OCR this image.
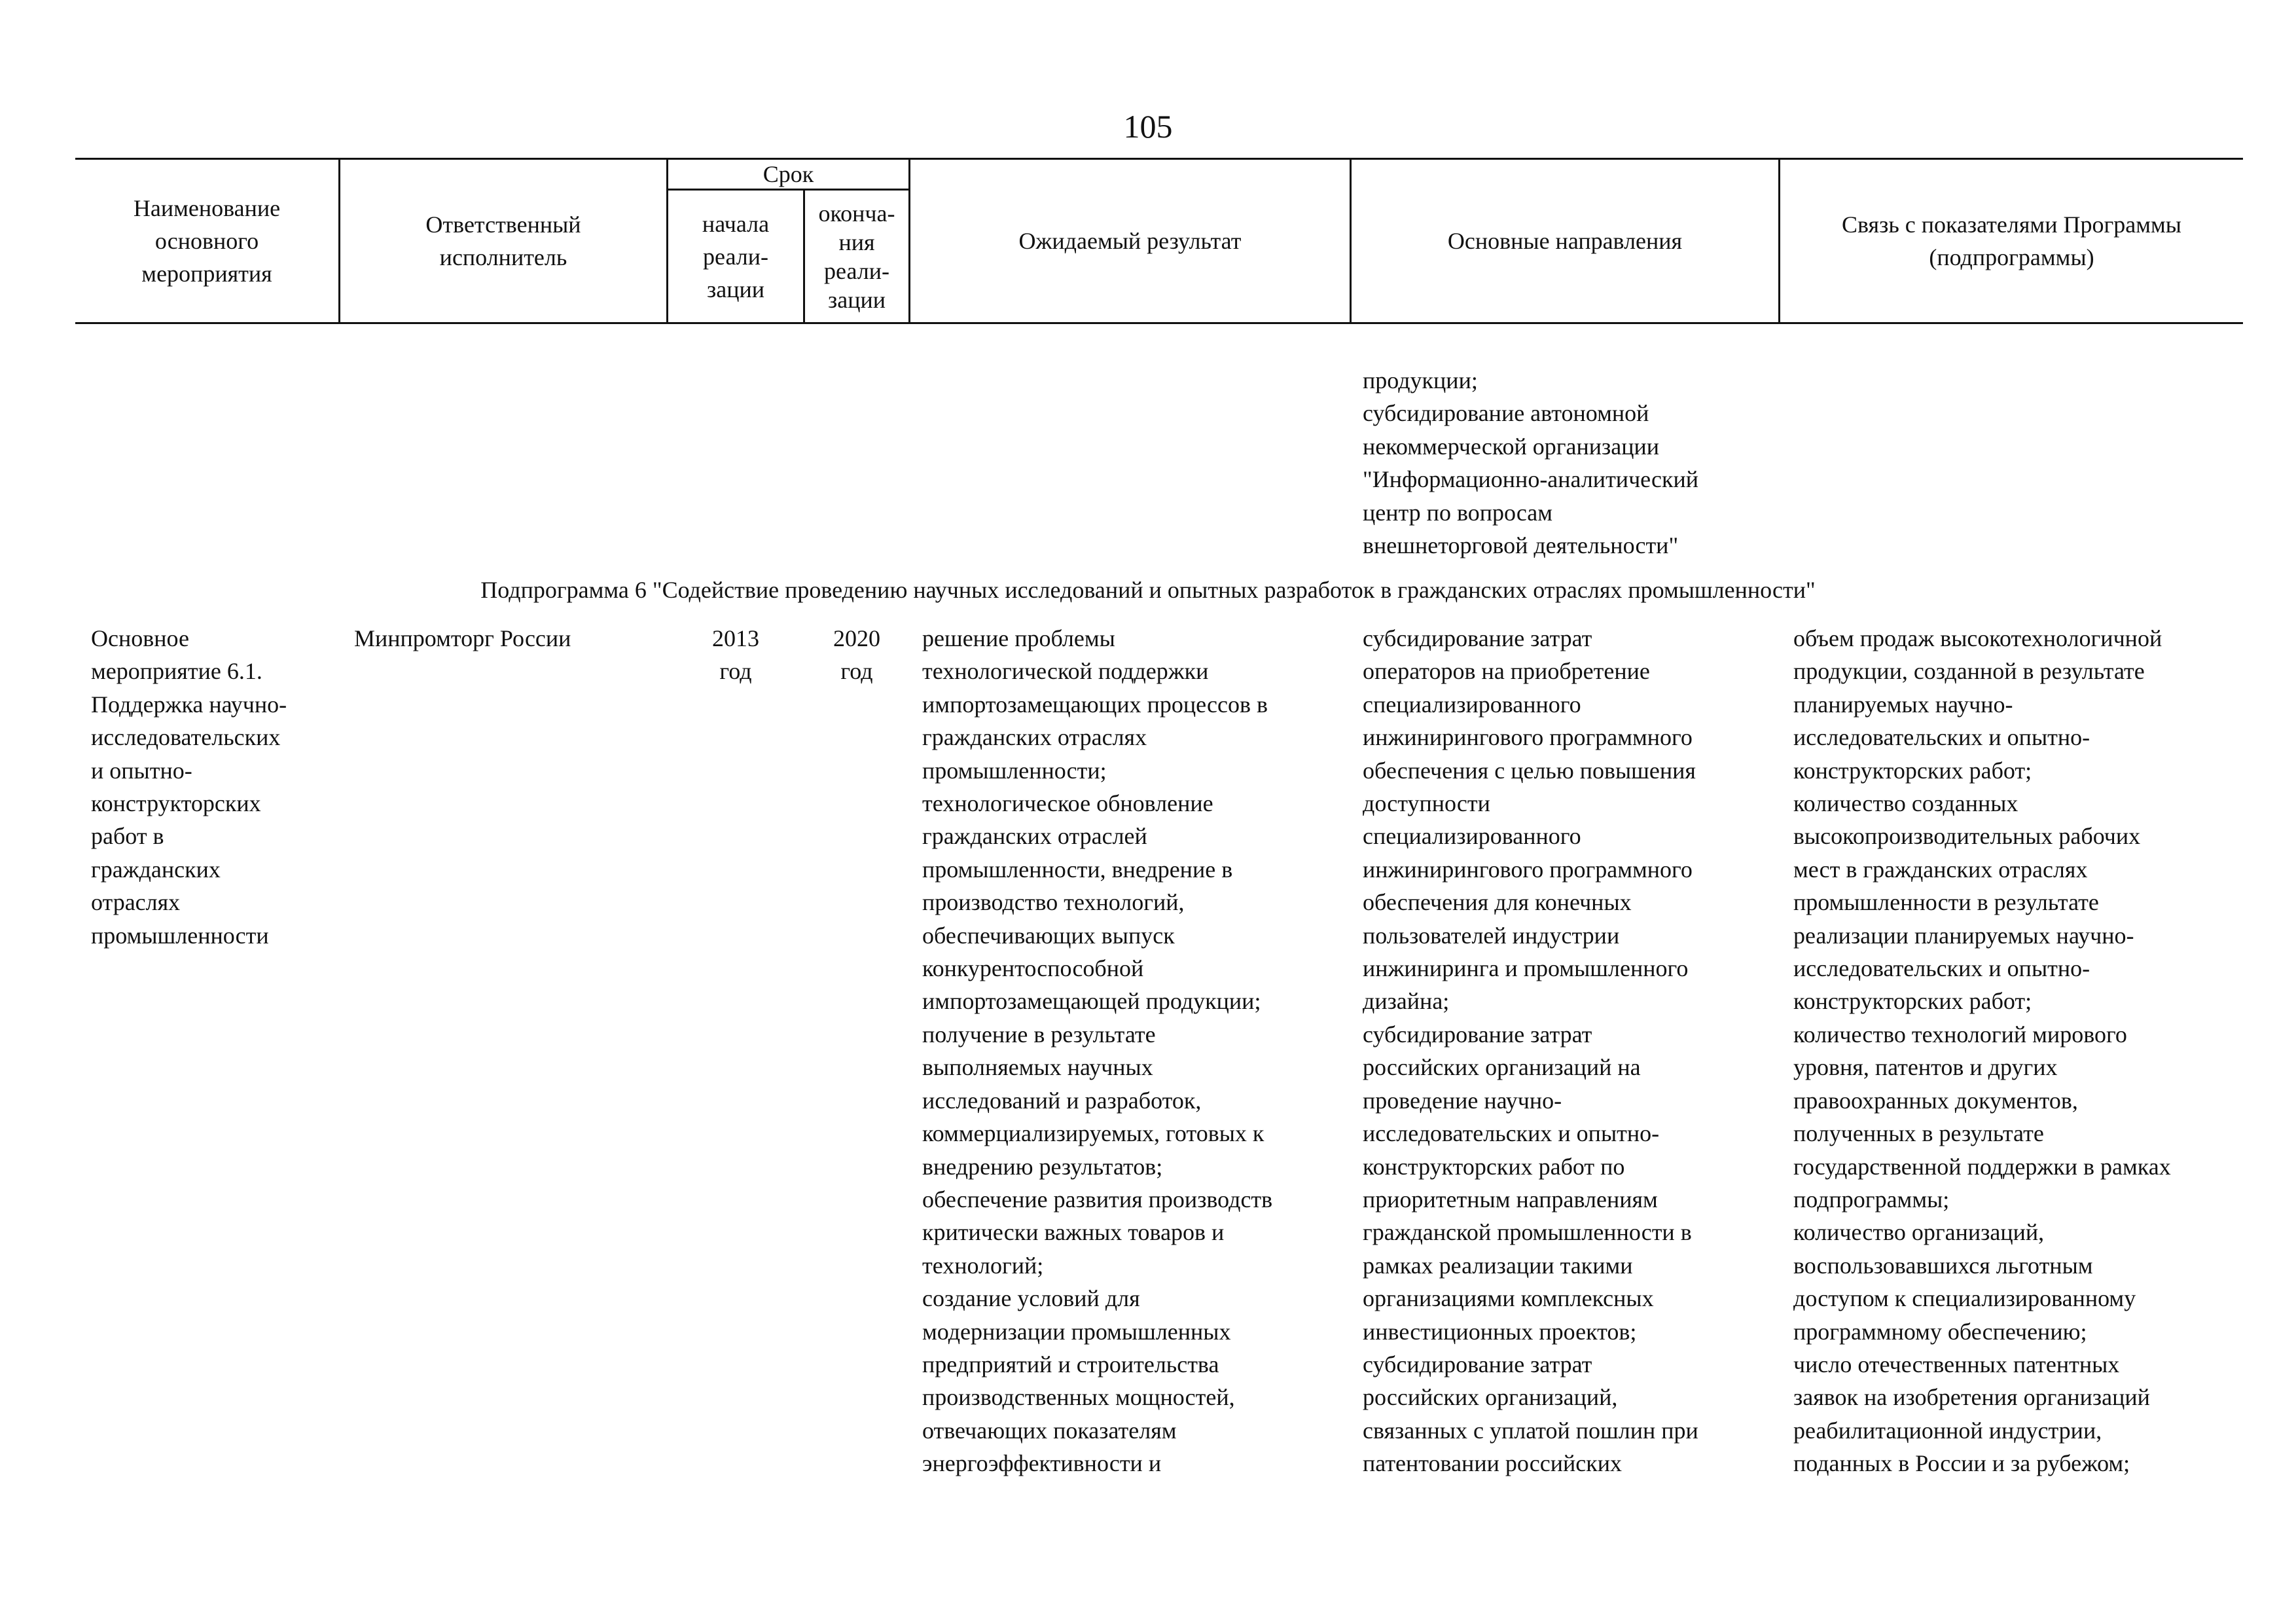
105
Наименование
основного
мероприятия
Ответственный
исполнитель
Срок
начала
реали-
зации
оконча-
ния
реали-
зации
Ожидаемый результат	Основные направления
Связь с показателями Программы
(подпрограммы)
продукции;
субсидирование автономной
некоммерческой организации
"Информационно-аналитический
центр по вопросам
внешнеторговой деятельности"
Подпрограмма 6 "Содействие проведению научных исследований и опытных разработок в гражданских отраслях промышленности"
Основное
мероприятие 6.1.
Поддержка научно-
исследовательских
и опытно-
конструкторских
работ в
гражданских
отраслях
промышленности
Минпромторг России	2013
год
2020
год
решение проблемы
технологической поддержки
импортозамещающих процессов в
гражданских отраслях
промышленности;
технологическое обновление
гражданских отраслей
промышленности, внедрение в
производство технологий,
обеспечивающих выпуск
конкурентоспособной
импортозамещающей продукции;
получение в результате
выполняемых научных
исследований и разработок,
коммерциализируемых, готовых к
внедрению результатов;
обеспечение развития производств
критически важных товаров и
технологий;
создание условий для
модернизации промышленных
предприятий и строительства
производственных мощностей,
отвечающих показателям
энергоэффективности и
субсидирование затрат
операторов на приобретение
специализированного
инжинирингового программного
обеспечения с целью повышения
доступности
специализированного
инжинирингового программного
обеспечения для конечных
пользователей индустрии
инжиниринга и промышленного
дизайна;
субсидирование затрат
российских организаций на
проведение научно-
исследовательских и опытно-
конструкторских работ по
приоритетным направлениям
гражданской промышленности в
рамках реализации такими
организациями комплексных
инвестиционных проектов;
субсидирование затрат
российских организаций,
связанных с уплатой пошлин при
патентовании российских
объем продаж высокотехнологичной
продукции, созданной в результате
планируемых научно-
исследовательских и опытно-
конструкторских работ;
количество созданных
высокопроизводительных рабочих
мест в гражданских отраслях
промышленности в результате
реализации планируемых научно-
исследовательских и опытно-
конструкторских работ;
количество технологий мирового
уровня, патентов и других
правоохранных документов,
полученных в результате
государственной поддержки в рамках
подпрограммы;
количество организаций,
воспользовавшихся льготным
доступом к специализированному
программному обеспечению;
число отечественных патентных
заявок на изобретения организаций
реабилитационной индустрии,
поданных в России и за рубежом;
